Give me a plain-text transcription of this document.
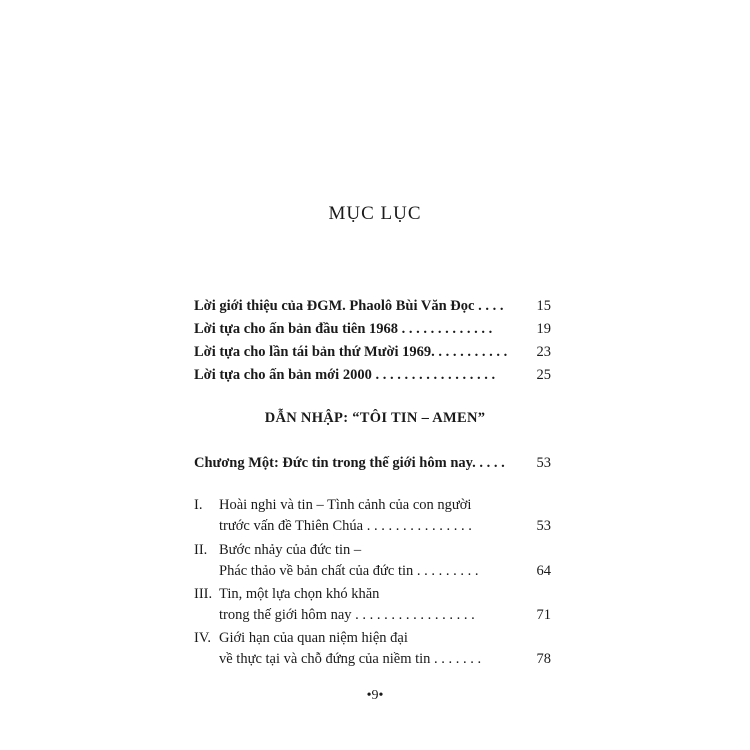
MỤC LỤC
Lời giới thiệu của ĐGM. Phaolô Bùi Văn Đọc . . . . 15
Lời tựa cho ấn bản đầu tiên 1968 . . . . . . . . . . . . .	19
Lời tựa cho lần tái bản thứ Mười 1969. . . . . . . . . . . 23
Lời tựa cho ấn bản mới 2000 . . . . . . . . . . . . . . . . .	25
DẪN NHẬP: “TÔI TIN – AMEN”
Chương Một: Đức tin trong thế giới hôm nay. . . . . 53
I. Hoài nghi và tin – Tình cảnh của con người
trước vấn đề Thiên Chúa . . . . . . . . . . . . . . .	53
II. Bước nhảy của đức tin –
Phác thảo về bản chất của đức tin . . . . . . . . .	64
III. Tin, một lựa chọn khó khăn
trong thế giới hôm nay . . . . . . . . . . . . . . . . .	71
IV. Giới hạn của quan niệm hiện đại
về thực tại và chỗ đứng của niềm tin . . . . . . .	78
•9•
